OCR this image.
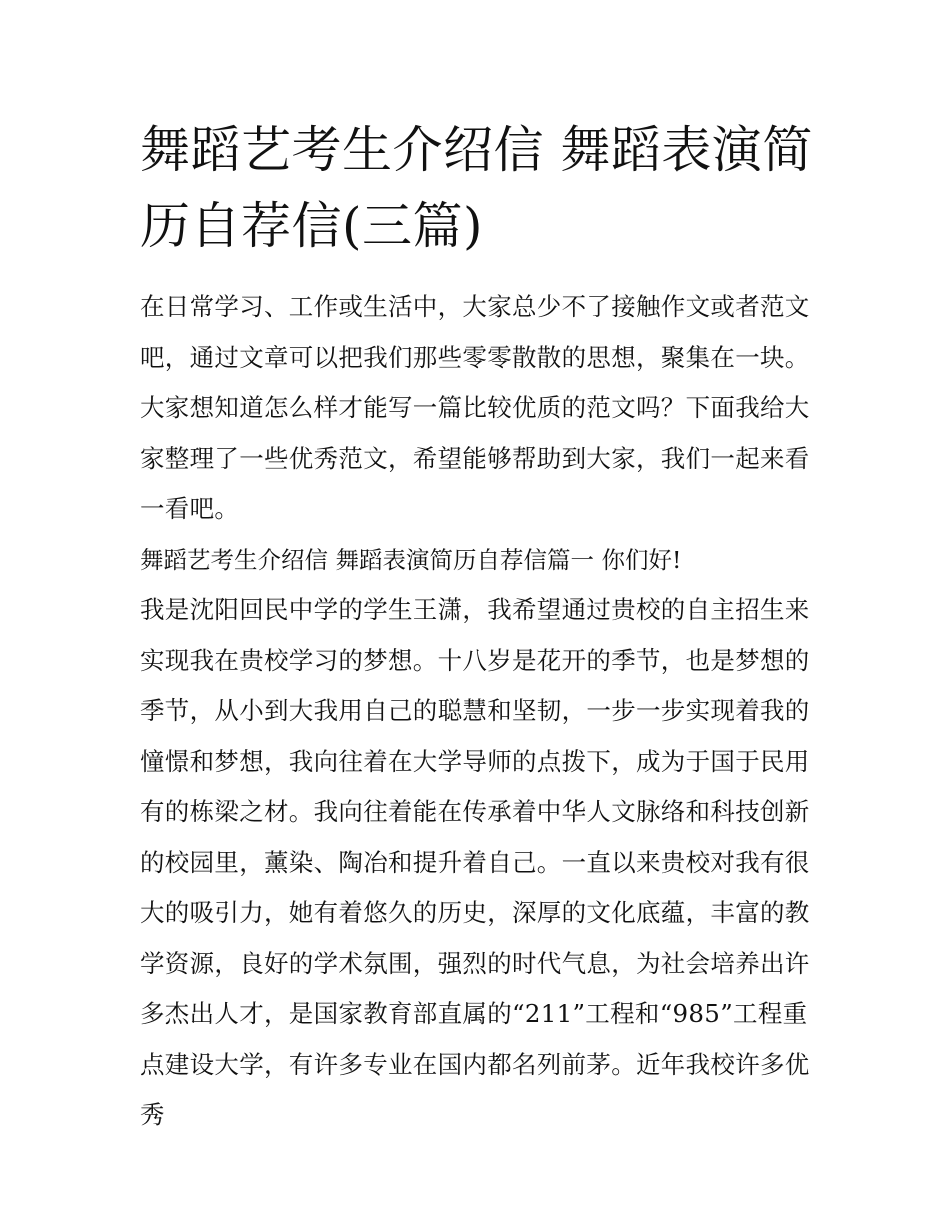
舞蹈艺考生介绍信 舞蹈表演简历自荐信(三篇)

在日常学习、工作或生活中，大家总少不了接触作文或者范文吧，通过文章可以把我们那些零零散散的思想，聚集在一块。大家想知道怎么样才能写一篇比较优质的范文吗？下面我给大家整理了一些优秀范文，希望能够帮助到大家，我们一起来看一看吧。

舞蹈艺考生介绍信 舞蹈表演简历自荐信篇一 你们好!

我是沈阳回民中学的学生王潇，我希望通过贵校的自主招生来实现我在贵校学习的梦想。十八岁是花开的季节，也是梦想的季节，从小到大我用自己的聪慧和坚韧，一步一步实现着我的憧憬和梦想，我向往着在大学导师的点拨下，成为于国于民用有的栋梁之材。我向往着能在传承着中华人文脉络和科技创新的校园里，薰染、陶冶和提升着自己。一直以来贵校对我有很大的吸引力，她有着悠久的历史，深厚的文化底蕴，丰富的教学资源，良好的学术氛围，强烈的时代气息，为社会培养出许多杰出人才，是国家教育部直属的“211”工程和“985”工程重点建设大学，有许多专业在国内都名列前茅。近年我校许多优秀
